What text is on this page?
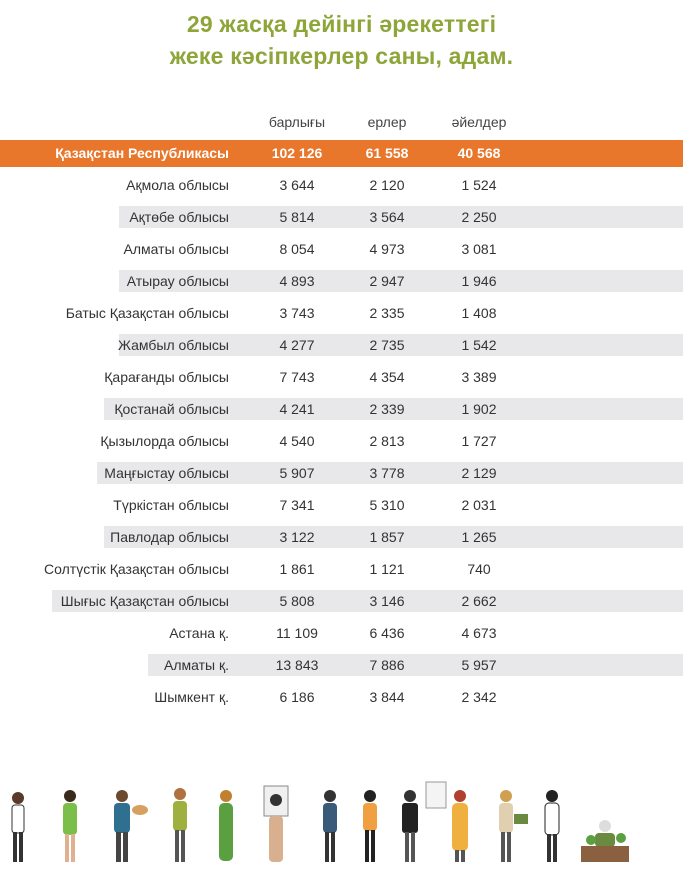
29 жасқа дейінгі әрекеттегі
жеке кәсіпкерлер саны, адам.
барлығы	ерлер	әйелдер
Қазақстан Республикасы	102 126	61 558	40 568
Ақмола облысы	3 644	2 120	1 524
Ақтөбе облысы	5 814	3 564	2 250
Алматы облысы	8 054	4 973	3 081
Атырау облысы	4 893	2 947	1 946
Батыс Қазақстан облысы	3 743	2 335	1 408
Жамбыл облысы	4 277	2 735	1 542
Қарағанды облысы	7 743	4 354	3 389
Қостанай облысы	4 241	2 339	1 902
Қызылорда облысы	4 540	2 813	1 727
Маңғыстау облысы	5 907	3 778	2 129
Түркістан облысы	7 341	5 310	2 031
Павлодар облысы	3 122	1 857	1 265
Солтүстік Қазақстан облысы	1 861	1 121	740
Шығыс Қазақстан облысы	5 808	3 146	2 662
Астана қ.	11 109	6 436	4 673
Алматы қ.	13 843	7 886	5 957
Шымкент қ.	6 186	3 844	2 342
